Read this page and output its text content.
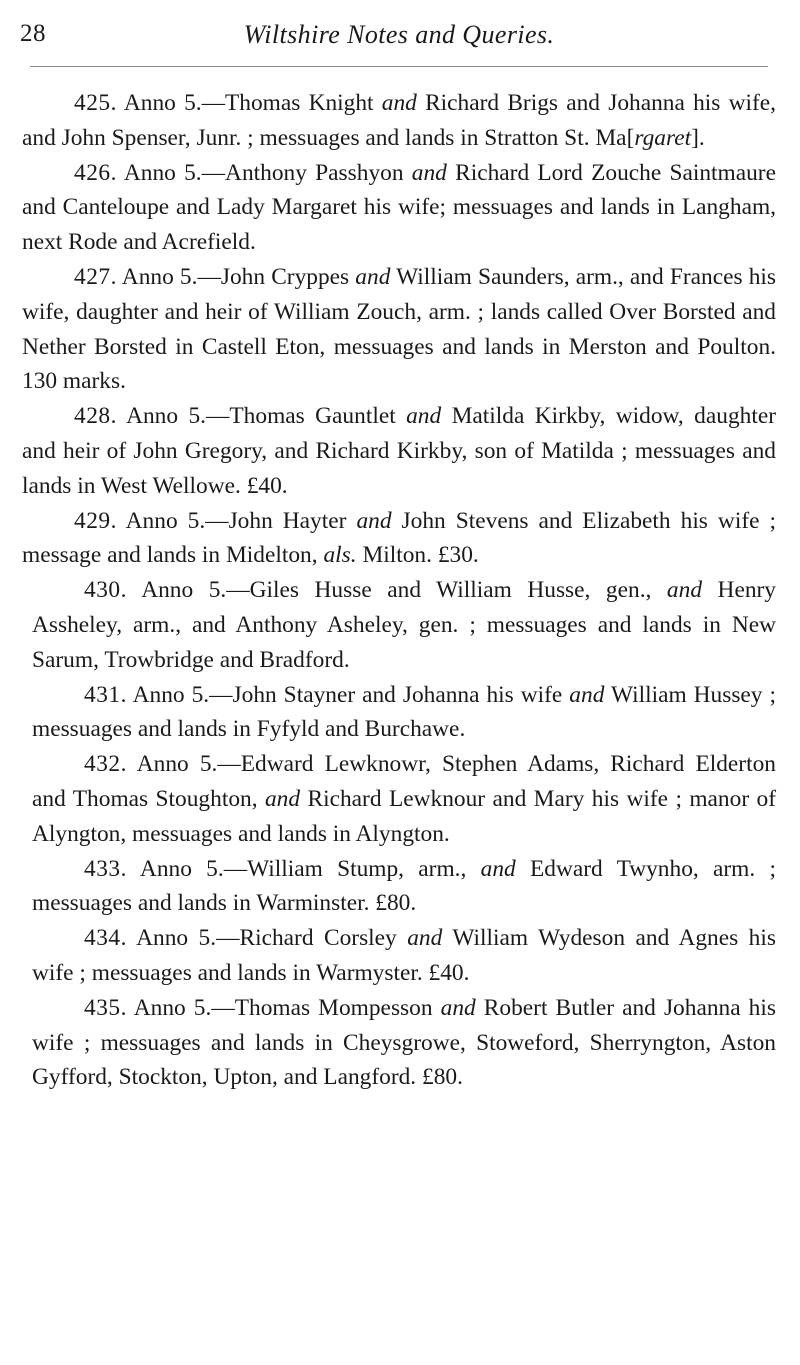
28	Wiltshire Notes and Queries.

425. Anno 5.—Thomas Knight and Richard Brigs and Johanna his wife, and John Spenser, Junr. ; messuages and lands in Stratton St. Ma[rgaret].

426. Anno 5.—Anthony Passhyon and Richard Lord Zouche Saintmaure and Canteloupe and Lady Margaret his wife; messuages and lands in Langham, next Rode and Acrefield.

427. Anno 5.—John Cryppes and William Saunders, arm., and Frances his wife, daughter and heir of William Zouch, arm. ; lands called Over Borsted and Nether Borsted in Castell Eton, messuages and lands in Merston and Poulton. 130 marks.

428. Anno 5.—Thomas Gauntlet and Matilda Kirkby, widow, daughter and heir of John Gregory, and Richard Kirkby, son of Matilda ; messuages and lands in West Wellowe. £40.

429. Anno 5.—John Hayter and John Stevens and Elizabeth his wife ; message and lands in Midelton, als. Milton. £30.

430. Anno 5.—Giles Husse and William Husse, gen., and Henry Assheley, arm., and Anthony Asheley, gen. ; messuages and lands in New Sarum, Trowbridge and Bradford.

431. Anno 5.—John Stayner and Johanna his wife and William Hussey ; messuages and lands in Fyfyld and Burchawe.

432. Anno 5.—Edward Lewknowr, Stephen Adams, Richard Elderton and Thomas Stoughton, and Richard Lewknour and Mary his wife ; manor of Alyngton, messuages and lands in Alyngton.

433. Anno 5.—William Stump, arm., and Edward Twynho, arm. ; messuages and lands in Warminster. £80.

434. Anno 5.—Richard Corsley and William Wydeson and Agnes his wife ; messuages and lands in Warmyster. £40.

435. Anno 5.—Thomas Mompesson and Robert Butler and Johanna his wife ; messuages and lands in Cheysgrowe, Stoweford, Sherryngton, Aston Gyfford, Stockton, Upton, and Langford. £80.
